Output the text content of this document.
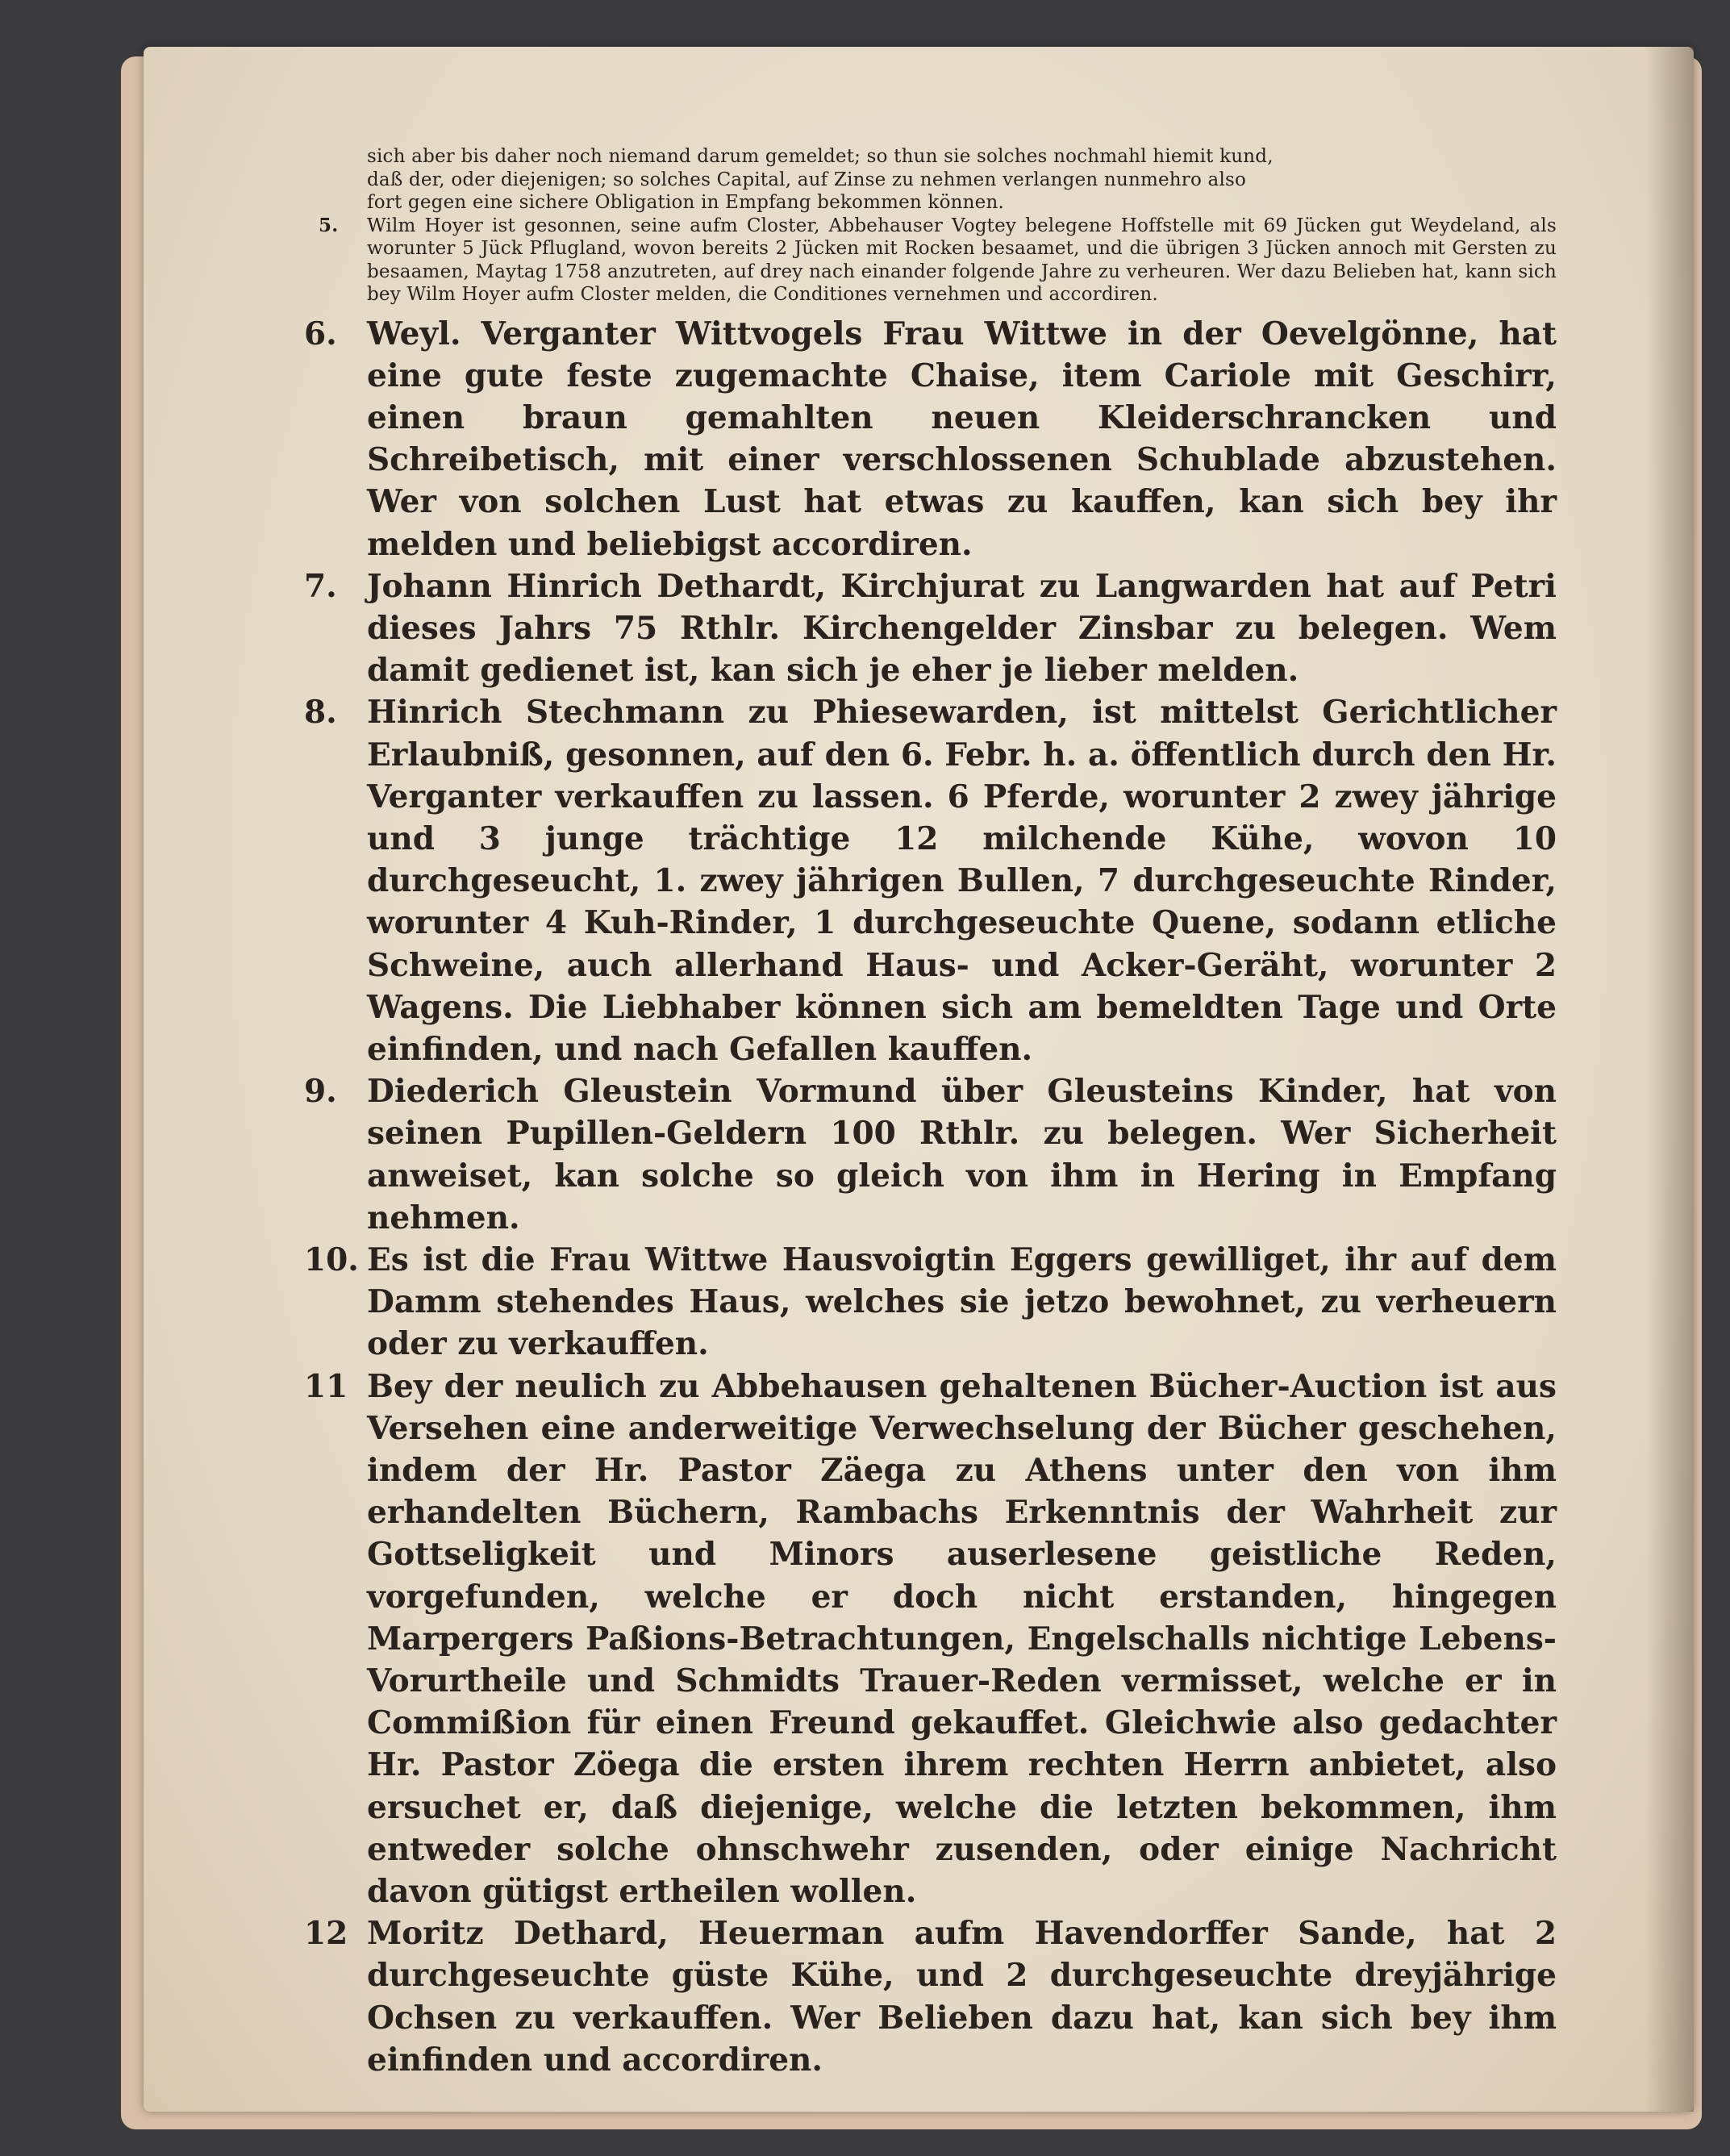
sich aber bis daher noch niemand darum gemeldet; so thun sie solches nochmahl hiemit kund,

daß der, oder diejenigen; so solches Capital, auf Zinse zu nehmen verlangen nunmehro also

fort gegen eine sichere Obligation in Empfang bekommen können.

5. Wilm Hoyer ist gesonnen, seine aufm Closter, Abbehauser Vogtey belegene Hoffstelle mit 69 Jücken gut Weydeland, als worunter 5 Jück Pflugland, wovon bereits 2 Jücken mit Rocken besaamet, und die übrigen 3 Jücken annoch mit Gersten zu besaamen, Maytag 1758 anzutreten, auf drey nach einander folgende Jahre zu verheuren. Wer dazu Belieben hat, kann sich bey Wilm Hoyer aufm Closter melden, die Conditiones vernehmen und accordiren.

6. Weyl. Verganter Wittvogels Frau Wittwe in der Oevelgönne, hat eine gute feste zugemachte Chaise, item Cariole mit Geschirr, einen braun gemahlten neuen Kleiderschrancken und Schreibetisch, mit einer verschlossenen Schublade abzustehen. Wer von solchen Lust hat etwas zu kauffen, kan sich bey ihr melden und beliebigst accordiren.

7. Johann Hinrich Dethardt, Kirchjurat zu Langwarden hat auf Petri dieses Jahrs 75 Rthlr. Kirchengelder Zinsbar zu belegen. Wem damit gedienet ist, kan sich je eher je lieber melden.

8. Hinrich Stechmann zu Phiesewarden, ist mittelst Gerichtlicher Erlaubniß, gesonnen, auf den 6. Febr. h. a. öffentlich durch den Hr. Verganter verkauffen zu lassen. 6 Pferde, worunter 2 zwey jährige und 3 junge trächtige 12 milchende Kühe, wovon 10 durchgeseucht, 1. zwey jährigen Bullen, 7 durchgeseuchte Rinder, worunter 4 Kuh-Rinder, 1 durchgeseuchte Quene, sodann etliche Schweine, auch allerhand Haus- und Acker-Geräht, worunter 2 Wagens. Die Liebhaber können sich am bemeldten Tage und Orte einfinden, und nach Gefallen kauffen.

9. Diederich Gleustein Vormund über Gleusteins Kinder, hat von seinen Pupillen-Geldern 100 Rthlr. zu belegen. Wer Sicherheit anweiset, kan solche so gleich von ihm in Hering in Empfang nehmen.

10. Es ist die Frau Wittwe Hausvoigtin Eggers gewilliget, ihr auf dem Damm stehendes Haus, welches sie jetzo bewohnet, zu verheuern oder zu verkauffen.

11 Bey der neulich zu Abbehausen gehaltenen Bücher-Auction ist aus Versehen eine anderweitige Verwechselung der Bücher geschehen, indem der Hr. Pastor Zäega zu Athens unter den von ihm erhandelten Büchern, Rambachs Erkenntnis der Wahrheit zur Gottseligkeit und Minors auserlesene geistliche Reden, vorgefunden, welche er doch nicht erstanden, hingegen Marpergers Paßions-Betrachtungen, Engelschalls nichtige Lebens-Vorurtheile und Schmidts Trauer-Reden vermisset, welche er in Commißion für einen Freund gekauffet. Gleichwie also gedachter Hr. Pastor Zöega die ersten ihrem rechten Herrn anbietet, also ersuchet er, daß diejenige, welche die letzten bekommen, ihm entweder solche ohnschwehr zusenden, oder einige Nachricht davon gütigst ertheilen wollen.

12 Moritz Dethard, Heuerman aufm Havendorffer Sande, hat 2 durchgeseuchte güste Kühe, und 2 durchgeseuchte dreyjährige Ochsen zu verkauffen. Wer Belieben dazu hat, kan sich bey ihm einfinden und accordiren.
